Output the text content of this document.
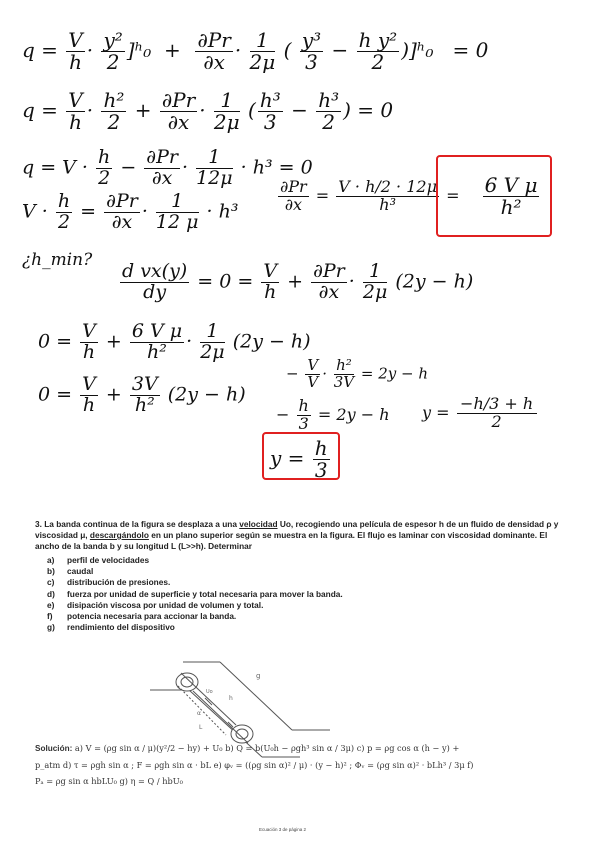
$q = \frac{V}{h} \cdot \frac{\text{y²}}{2}$ ]ʰ₀ + $\frac{\partial Pr}{\partial x} \cdot \frac{1}{2\mu}$ ( $\frac{\text{y³}}{3} - \frac{\text{h y²}}{2}$ )]ʰ₀ = 0
$q = \frac{V}{h} \cdot \frac{\text{h²}}{2} + \frac{\partial Pr}{\partial x} \cdot \frac{1}{2\mu}$ ( $\frac{\text{h³}}{3} - \frac{\text{h³}}{2}$ ) = 0
$q = V \cdot \frac{h}{2} - \frac{\partial Pr}{\partial x} \cdot \frac{1}{12\mu} \cdot h^3 = 0$
$V \cdot \frac{h}{2} = \frac{\partial Pr}{\partial x} \cdot \frac{1}{12 \mu} \cdot h^3 \frac{\partial Pr}{\partial x} = \frac{V \cdot h/2 \cdot 12\mu}{\text{h³}} = \frac{\text{6 V μ}}{\text{h²}}$
¿h_min?
$\frac{\text{d vx(y)}}{dy} = 0 = \frac{V}{h} + \frac{\partial Pr}{\partial x} \cdot \frac{1}{2\mu} (2y - h)$
$0 = \frac{V}{h} + \frac{\text{6 V μ}}{\text{h²}} \cdot \frac{1}{2\mu} (2y - h)$
− $\frac{V}{V} \cdot \frac{\text{h²}}{3V} = 2y - h$
$0 = \frac{V}{h} + \frac{3V}{\text{h²}} (2y - h)$
− $\frac{h}{3} = 2y - h$ $y = \frac{-h/3 + h}{2}$
$y = \frac{h}{3}$

3. La banda continua de la figura se desplaza a una velocidad Uo, recogiendo una película de espesor h de un fluido de densidad ρ y viscosidad μ, descargándolo en un plano superior según se muestra en la figura. El flujo es laminar con viscosidad dominante. El ancho de la banda b y su longitud L (L>>h). Determinar

a) perfil de velocidades
b) caudal
c) distribución de presiones.
d) fuerza por unidad de superficie y total necesaria para mover la banda.
e) disipación viscosa por unidad de volumen y total.
f) potencia necesaria para accionar la banda.
g) rendimiento del dispositivo
Uo
α
L
h
g
Solución: a) V = (ρg sin α / μ)(y²/2 − hy) + U₀ b) Q = b(U₀h − ρgh³ sin α / 3μ) c) p = ρg cos α (h − y) +
p_atm d) τ = ρgh sin α ; F = ρgh sin α · bL e) φᵥ = ((ρg sin α)² / μ) · (y − h)² ; Φᵥ = (ρg sin α)² · bLh³ / 3μ f)
Pₐ = ρg sin α hbLU₀ g) η = Q / hbU₀
Ecuación 3 de página 2
